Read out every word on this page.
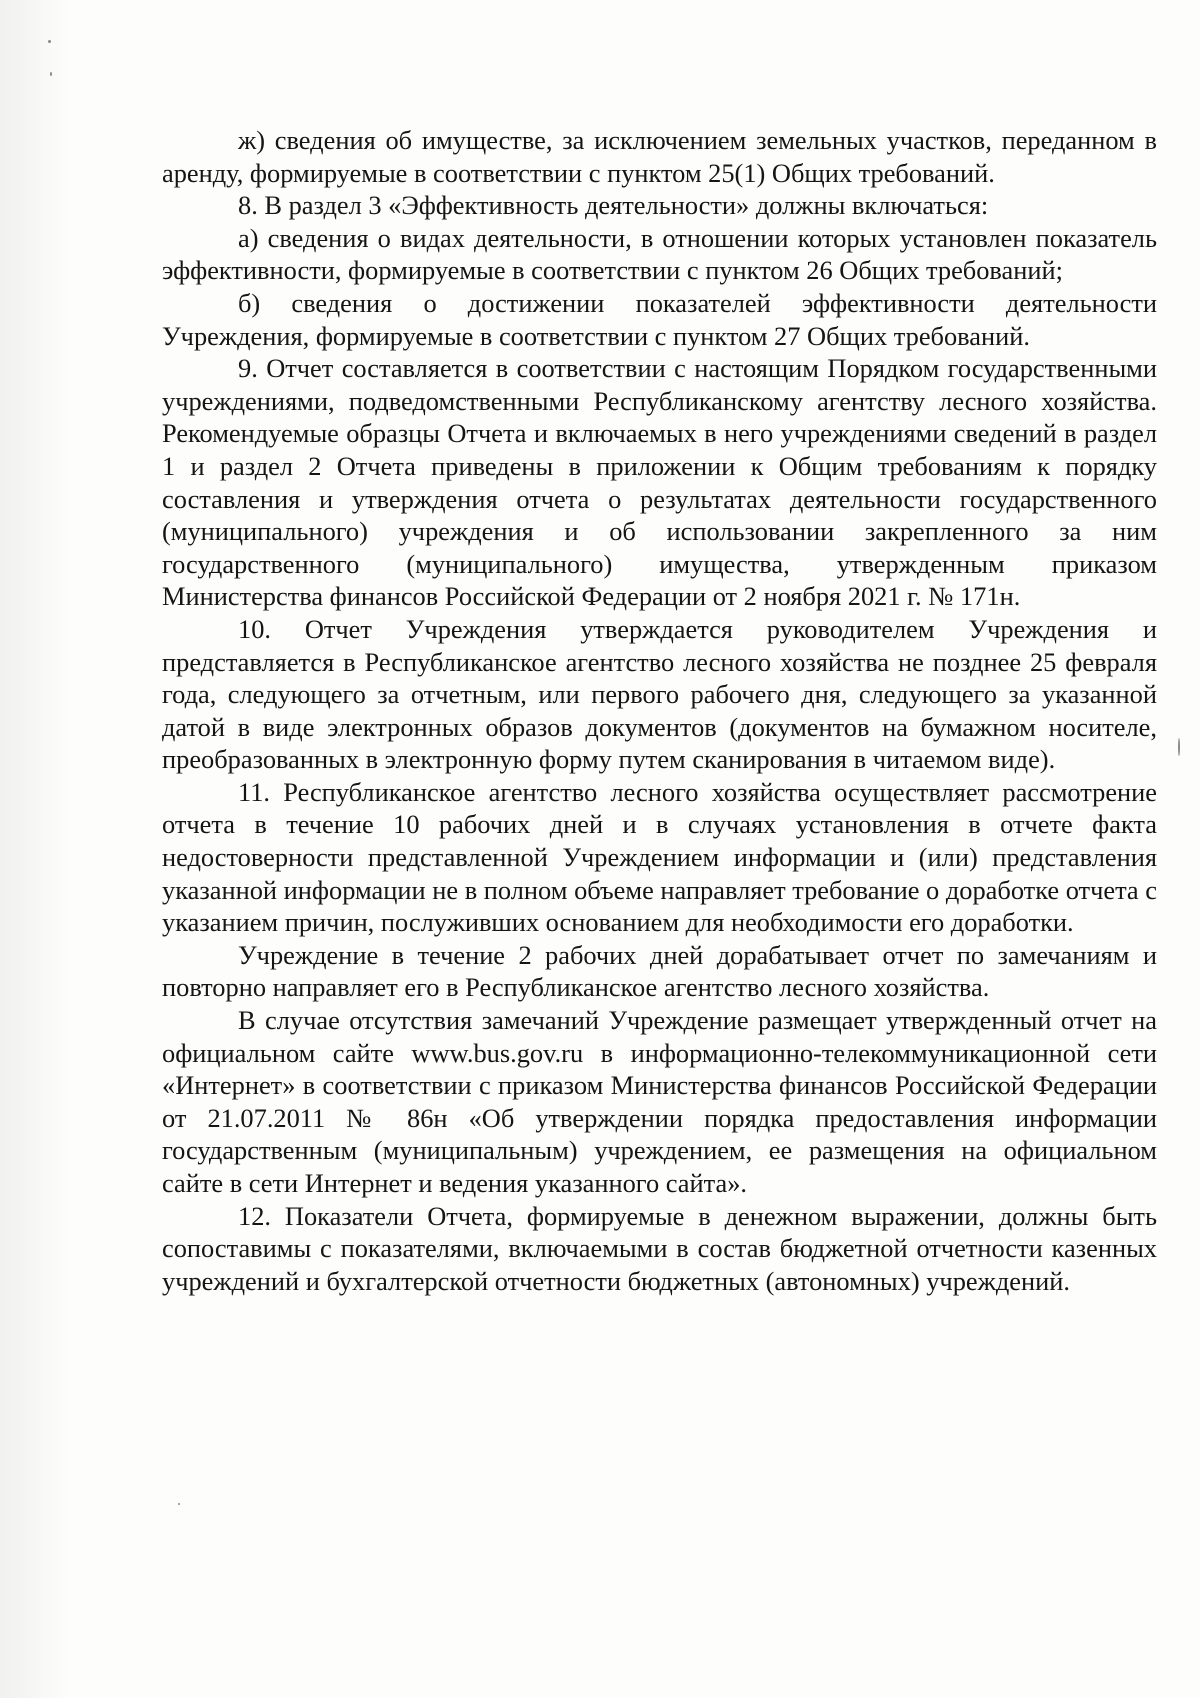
ж) сведения об имуществе, за исключением земельных участков, переданном в аренду, формируемые в соответствии с пунктом 25(1) Общих требований.

8. В раздел 3 «Эффективность деятельности» должны включаться:

а) сведения о видах деятельности, в отношении которых установлен показатель эффективности, формируемые в соответствии с пунктом 26 Общих требований;

б) сведения о достижении показателей эффективности деятельности Учреждения, формируемые в соответствии с пунктом 27 Общих требований.

9. Отчет составляется в соответствии с настоящим Порядком государственными учреждениями, подведомственными Республиканскому агентству лесного хозяйства. Рекомендуемые образцы Отчета и включаемых в него учреждениями сведений в раздел 1 и раздел 2 Отчета приведены в приложении к Общим требованиям к порядку составления и утверждения отчета о результатах деятельности государственного (муниципального) учреждения и об использовании закрепленного за ним государственного (муниципального) имущества, утвержденным приказом Министерства финансов Российской Федерации от 2 ноября 2021 г. № 171н.

10. Отчет Учреждения утверждается руководителем Учреждения и представляется в Республиканское агентство лесного хозяйства не позднее 25 февраля года, следующего за отчетным, или первого рабочего дня, следующего за указанной датой в виде электронных образов документов (документов на бумажном носителе, преобразованных в электронную форму путем сканирования в читаемом виде).

11. Республиканское агентство лесного хозяйства осуществляет рассмотрение отчета в течение 10 рабочих дней и в случаях установления в отчете факта недостоверности представленной Учреждением информации и (или) представления указанной информации не в полном объеме направляет требование о доработке отчета с указанием причин, послуживших основанием для необходимости его доработки.

Учреждение в течение 2 рабочих дней дорабатывает отчет по замечаниям и повторно направляет его в Республиканское агентство лесного хозяйства.

В случае отсутствия замечаний Учреждение размещает утвержденный отчет на официальном сайте www.bus.gov.ru в информационно-телекоммуникационной сети «Интернет» в соответствии с приказом Министерства финансов Российской Федерации от 21.07.2011 № 86н «Об утверждении порядка предоставления информации государственным (муниципальным) учреждением, ее размещения на официальном сайте в сети Интернет и ведения указанного сайта».

12. Показатели Отчета, формируемые в денежном выражении, должны быть сопоставимы с показателями, включаемыми в состав бюджетной отчетности казенных учреждений и бухгалтерской отчетности бюджетных (автономных) учреждений.
